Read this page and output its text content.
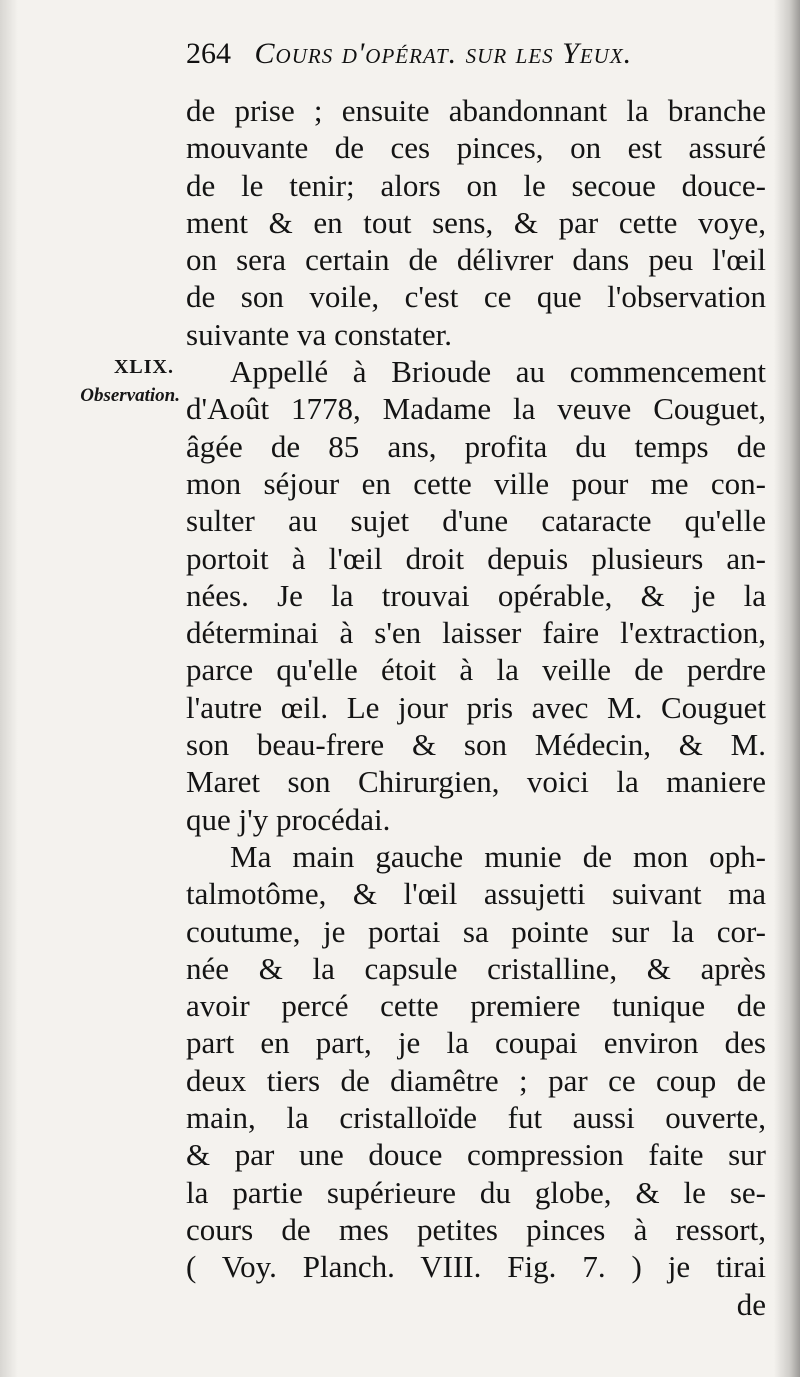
264 Cours d'opérat. sur les Yeux.
XLIX.
Observation.
de prise ; ensuite abandonnant la branche
mouvante de ces pinces, on est assuré
de le tenir; alors on le secoue douce-
ment & en tout sens, & par cette voye,
on sera certain de délivrer dans peu l'œil
de son voile, c'est ce que l'observation
suivante va constater.
Appellé à Brioude au commencement
d'Août 1778, Madame la veuve Couguet,
âgée de 85 ans, profita du temps de
mon séjour en cette ville pour me con-
sulter au sujet d'une cataracte qu'elle
portoit à l'œil droit depuis plusieurs an-
nées. Je la trouvai opérable, & je la
déterminai à s'en laisser faire l'extraction,
parce qu'elle étoit à la veille de perdre
l'autre œil. Le jour pris avec M. Couguet
son beau-frere & son Médecin, & M.
Maret son Chirurgien, voici la maniere
que j'y procédai.
Ma main gauche munie de mon oph-
talmotôme, & l'œil assujetti suivant ma
coutume, je portai sa pointe sur la cor-
née & la capsule cristalline, & après
avoir percé cette premiere tunique de
part en part, je la coupai environ des
deux tiers de diamêtre ; par ce coup de
main, la cristalloïde fut aussi ouverte,
& par une douce compression faite sur
la partie supérieure du globe, & le se-
cours de mes petites pinces à ressort,
( Voy. Planch. VIII. Fig. 7. ) je tirai
de
